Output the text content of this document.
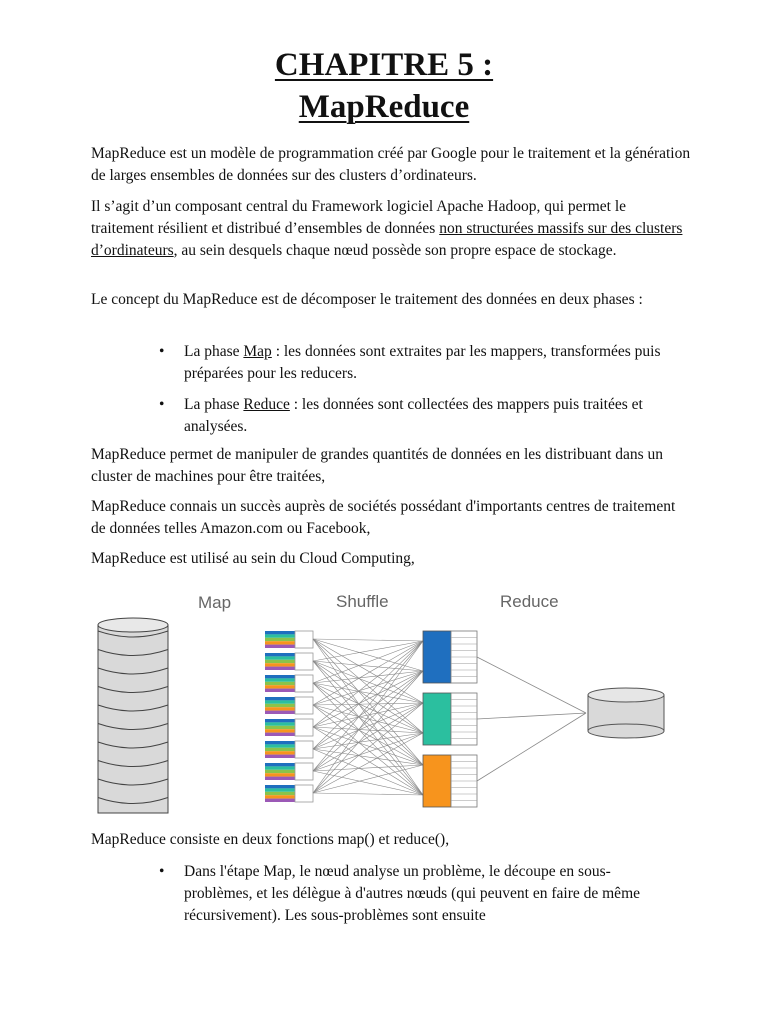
CHAPITRE 5 :
MapReduce

MapReduce est un modèle de programmation créé par Google pour le traitement et la génération de larges ensembles de données sur des clusters d’ordinateurs.

Il s’agit d’un composant central du Framework logiciel Apache Hadoop, qui permet le traitement résilient et distribué d’ensembles de données non structurées massifs sur des clusters d’ordinateurs, au sein desquels chaque nœud possède son propre espace de stockage.

Le concept du MapReduce est de décomposer le traitement des données en deux phases :

• La phase Map : les données sont extraites par les mappers, transformées puis préparées pour les reducers.

• La phase Reduce : les données sont collectées des mappers puis traitées et analysées.

MapReduce permet de manipuler de grandes quantités de données en les distribuant dans un cluster de machines pour être traitées,

MapReduce connais un succès auprès de sociétés possédant d'importants centres de traitement de données telles Amazon.com ou Facebook,

MapReduce est utilisé au sein du Cloud Computing,

Map	Shuffle	Reduce

MapReduce consiste en deux fonctions map() et reduce(),

• Dans l'étape Map, le nœud analyse un problème, le découpe en sous-problèmes, et les délègue à d'autres nœuds (qui peuvent en faire de même récursivement). Les sous-problèmes sont ensuite
